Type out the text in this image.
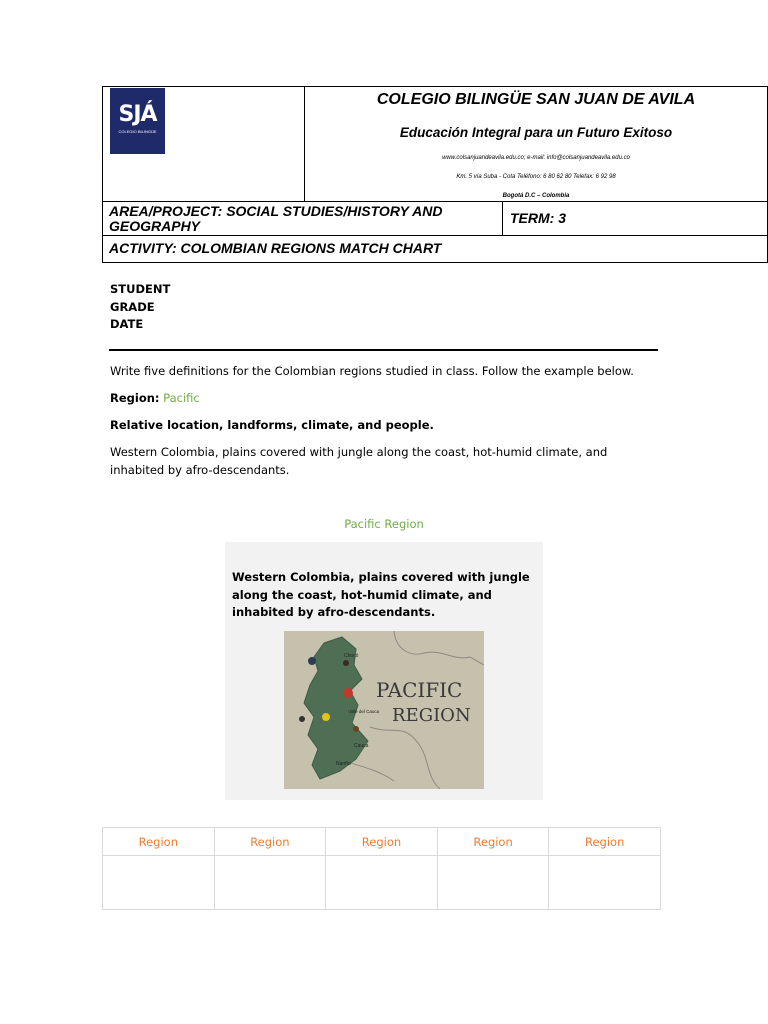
SJÁ
COLEGIO BILINGÜE
COLEGIO BILINGÜE SAN JUAN DE AVILA
Educación Integral para un Futuro Exitoso
www.colsanjuandeavila.edu.co; e-mail: info@colsanjuandeavila.edu.co
Km. 5 vía Suba - Cota Teléfono: 6 80 62 80 Telefax: 6 92 98
Bogotá D.C – Colombia
AREA/PROJECT: SOCIAL STUDIES/HISTORY AND GEOGRAPHY	TERM: 3
ACTIVITY: COLOMBIAN REGIONS MATCH CHART
STUDENT
GRADE
DATE
Write five definitions for the Colombian regions studied in class. Follow the example below.
Region: Pacific
Relative location, landforms, climate, and people.
Western Colombia, plains covered with jungle along the coast, hot-humid climate, and inhabited by afro-descendants.
Pacific Region
Western Colombia, plains covered with jungle along the coast, hot-humid climate, and inhabited by afro-descendants.
PACIFIC
REGION
Chocó
Valle del Cauca
Cauca
Nariño
Region	Region	Region	Region	Region
